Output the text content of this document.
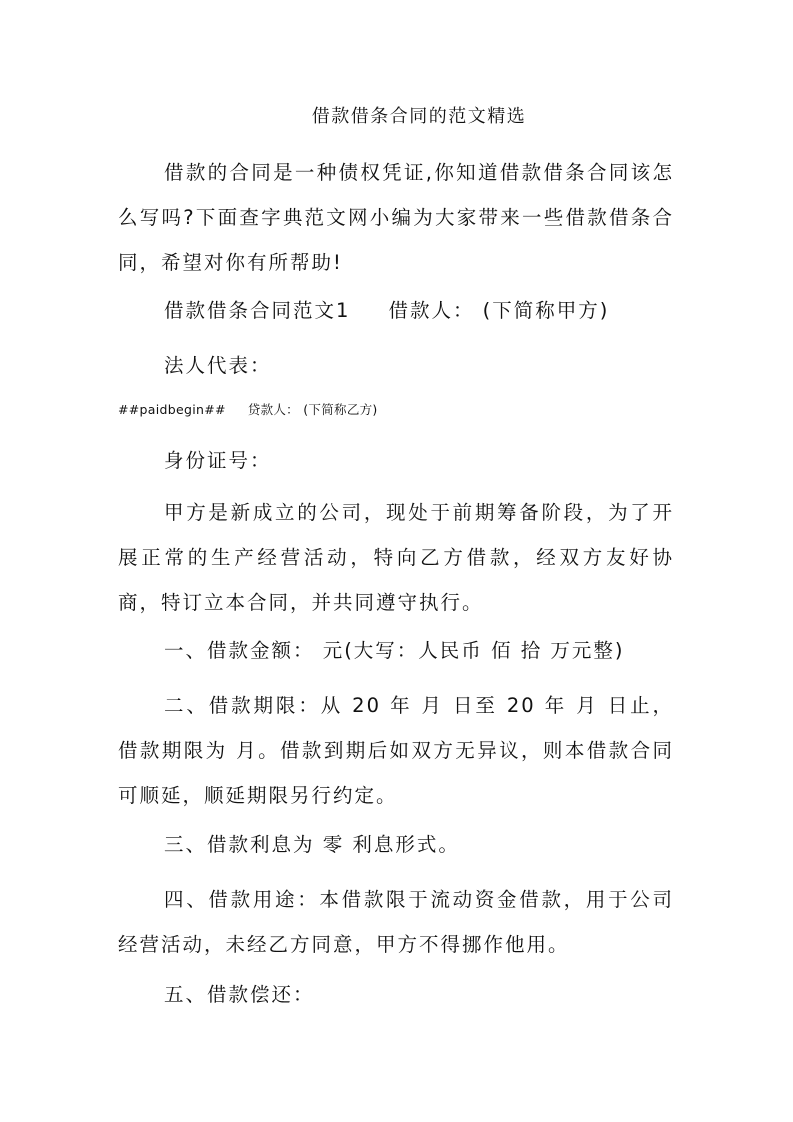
借款借条合同的范文精选
借款的合同是一种债权凭证,你知道借款借条合同该怎么写吗?下面查字典范文网小编为大家带来一些借款借条合同，希望对你有所帮助!
借款借条合同范文1 借款人： (下简称甲方)
法人代表：
##paidbegin## 贷款人： (下简称乙方)
身份证号：
甲方是新成立的公司，现处于前期筹备阶段，为了开展正常的生产经营活动，特向乙方借款，经双方友好协商，特订立本合同，并共同遵守执行。
一、借款金额： 元(大写：人民币 佰 拾 万元整)
二、借款期限：从 20 年 月 日至 20 年 月 日止，借款期限为 月。借款到期后如双方无异议，则本借款合同可顺延，顺延期限另行约定。
三、借款利息为 零 利息形式。
四、借款用途：本借款限于流动资金借款，用于公司经营活动，未经乙方同意，甲方不得挪作他用。
五、借款偿还：
